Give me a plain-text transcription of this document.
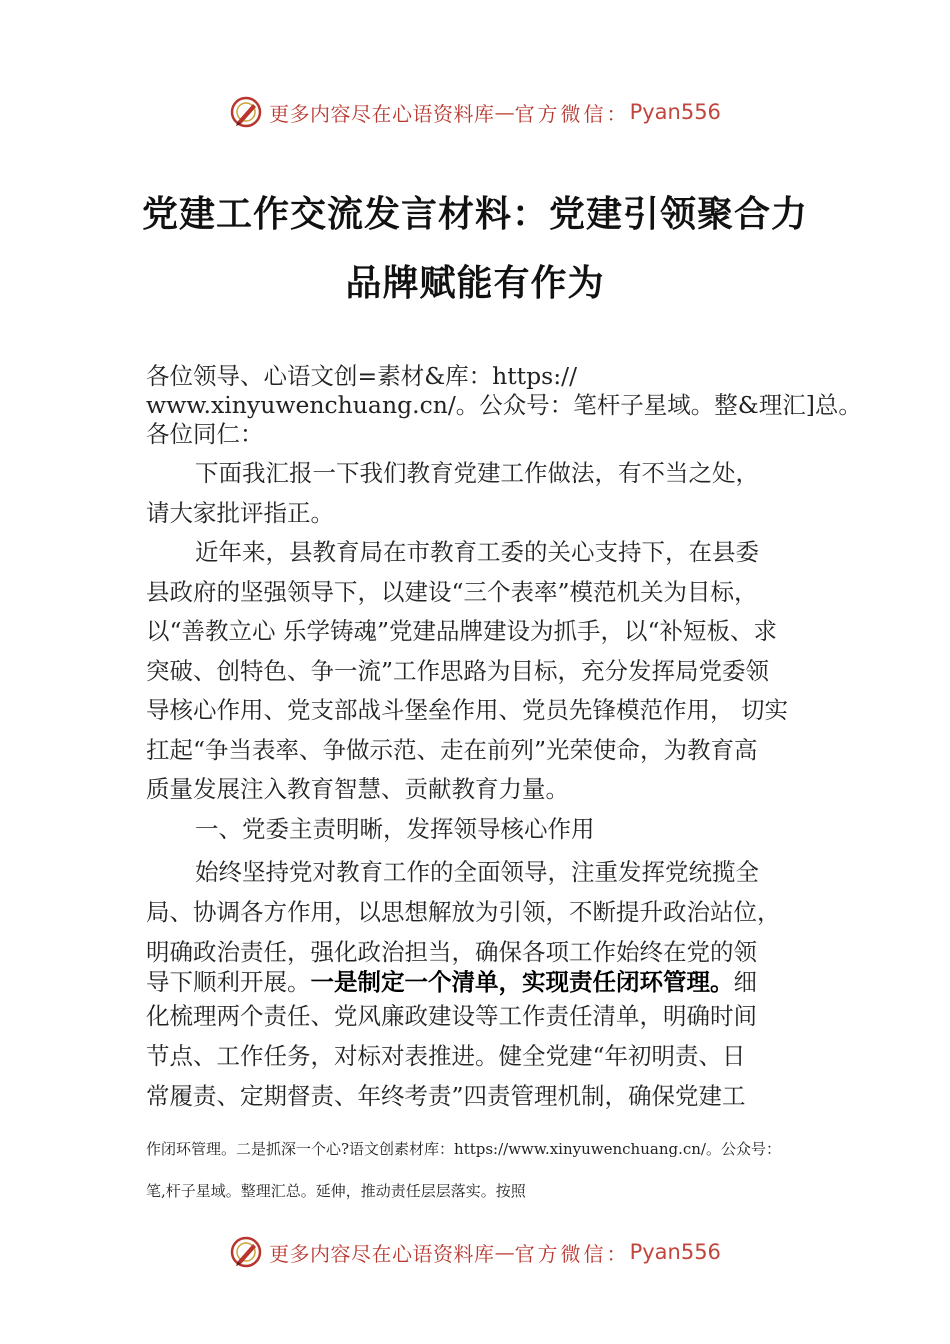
更多内容尽在心语资料库 — 官方微信： Pyan556
党建工作交流发言材料：党建引领聚合力
品牌赋能有作为
各位领导、心语文创=素材&库：https://
www.xinyuwenchuang.cn/。公众号：笔杆子星域。整&理汇]总。
各位同仁：
下面我汇报一下我们教育党建工作做法，有不当之处，
请大家批评指正。
近年来，县教育局在市教育工委的关心支持下，在县委
县政府的坚强领导下，以建设“三个表率”模范机关为目标，
以“善教立心 乐学铸魂”党建品牌建设为抓手，以“补短板、求
突破、创特色、争一流”工作思路为目标，充分发挥局党委领
导核心作用、党支部战斗堡垒作用、党员先锋模范作用， 切实
扛起“争当表率、争做示范、走在前列”光荣使命，为教育高
质量发展注入教育智慧、贡献教育力量。
一、党委主责明晰，发挥领导核心作用
始终坚持党对教育工作的全面领导，注重发挥党统揽全
局、协调各方作用，以思想解放为引领，不断提升政治站位，
明确政治责任，强化政治担当，确保各项工作始终在党的领
导下顺利开展。一是制定一个清单，实现责任闭环管理。细
化梳理两个责任、党风廉政建设等工作责任清单，明确时间
节点、工作任务，对标对表推进。健全党建“年初明责、日
常履责、定期督责、年终考责”四责管理机制，确保党建工
作闭环管理。二是抓深一个心?语文创素材库：https://www.xinyuwenchuang.cn/。公众号：
笔,杆子星域。整理汇总。延伸，推动责任层层落实。按照
更多内容尽在心语资料库 — 官方微信： Pyan556
